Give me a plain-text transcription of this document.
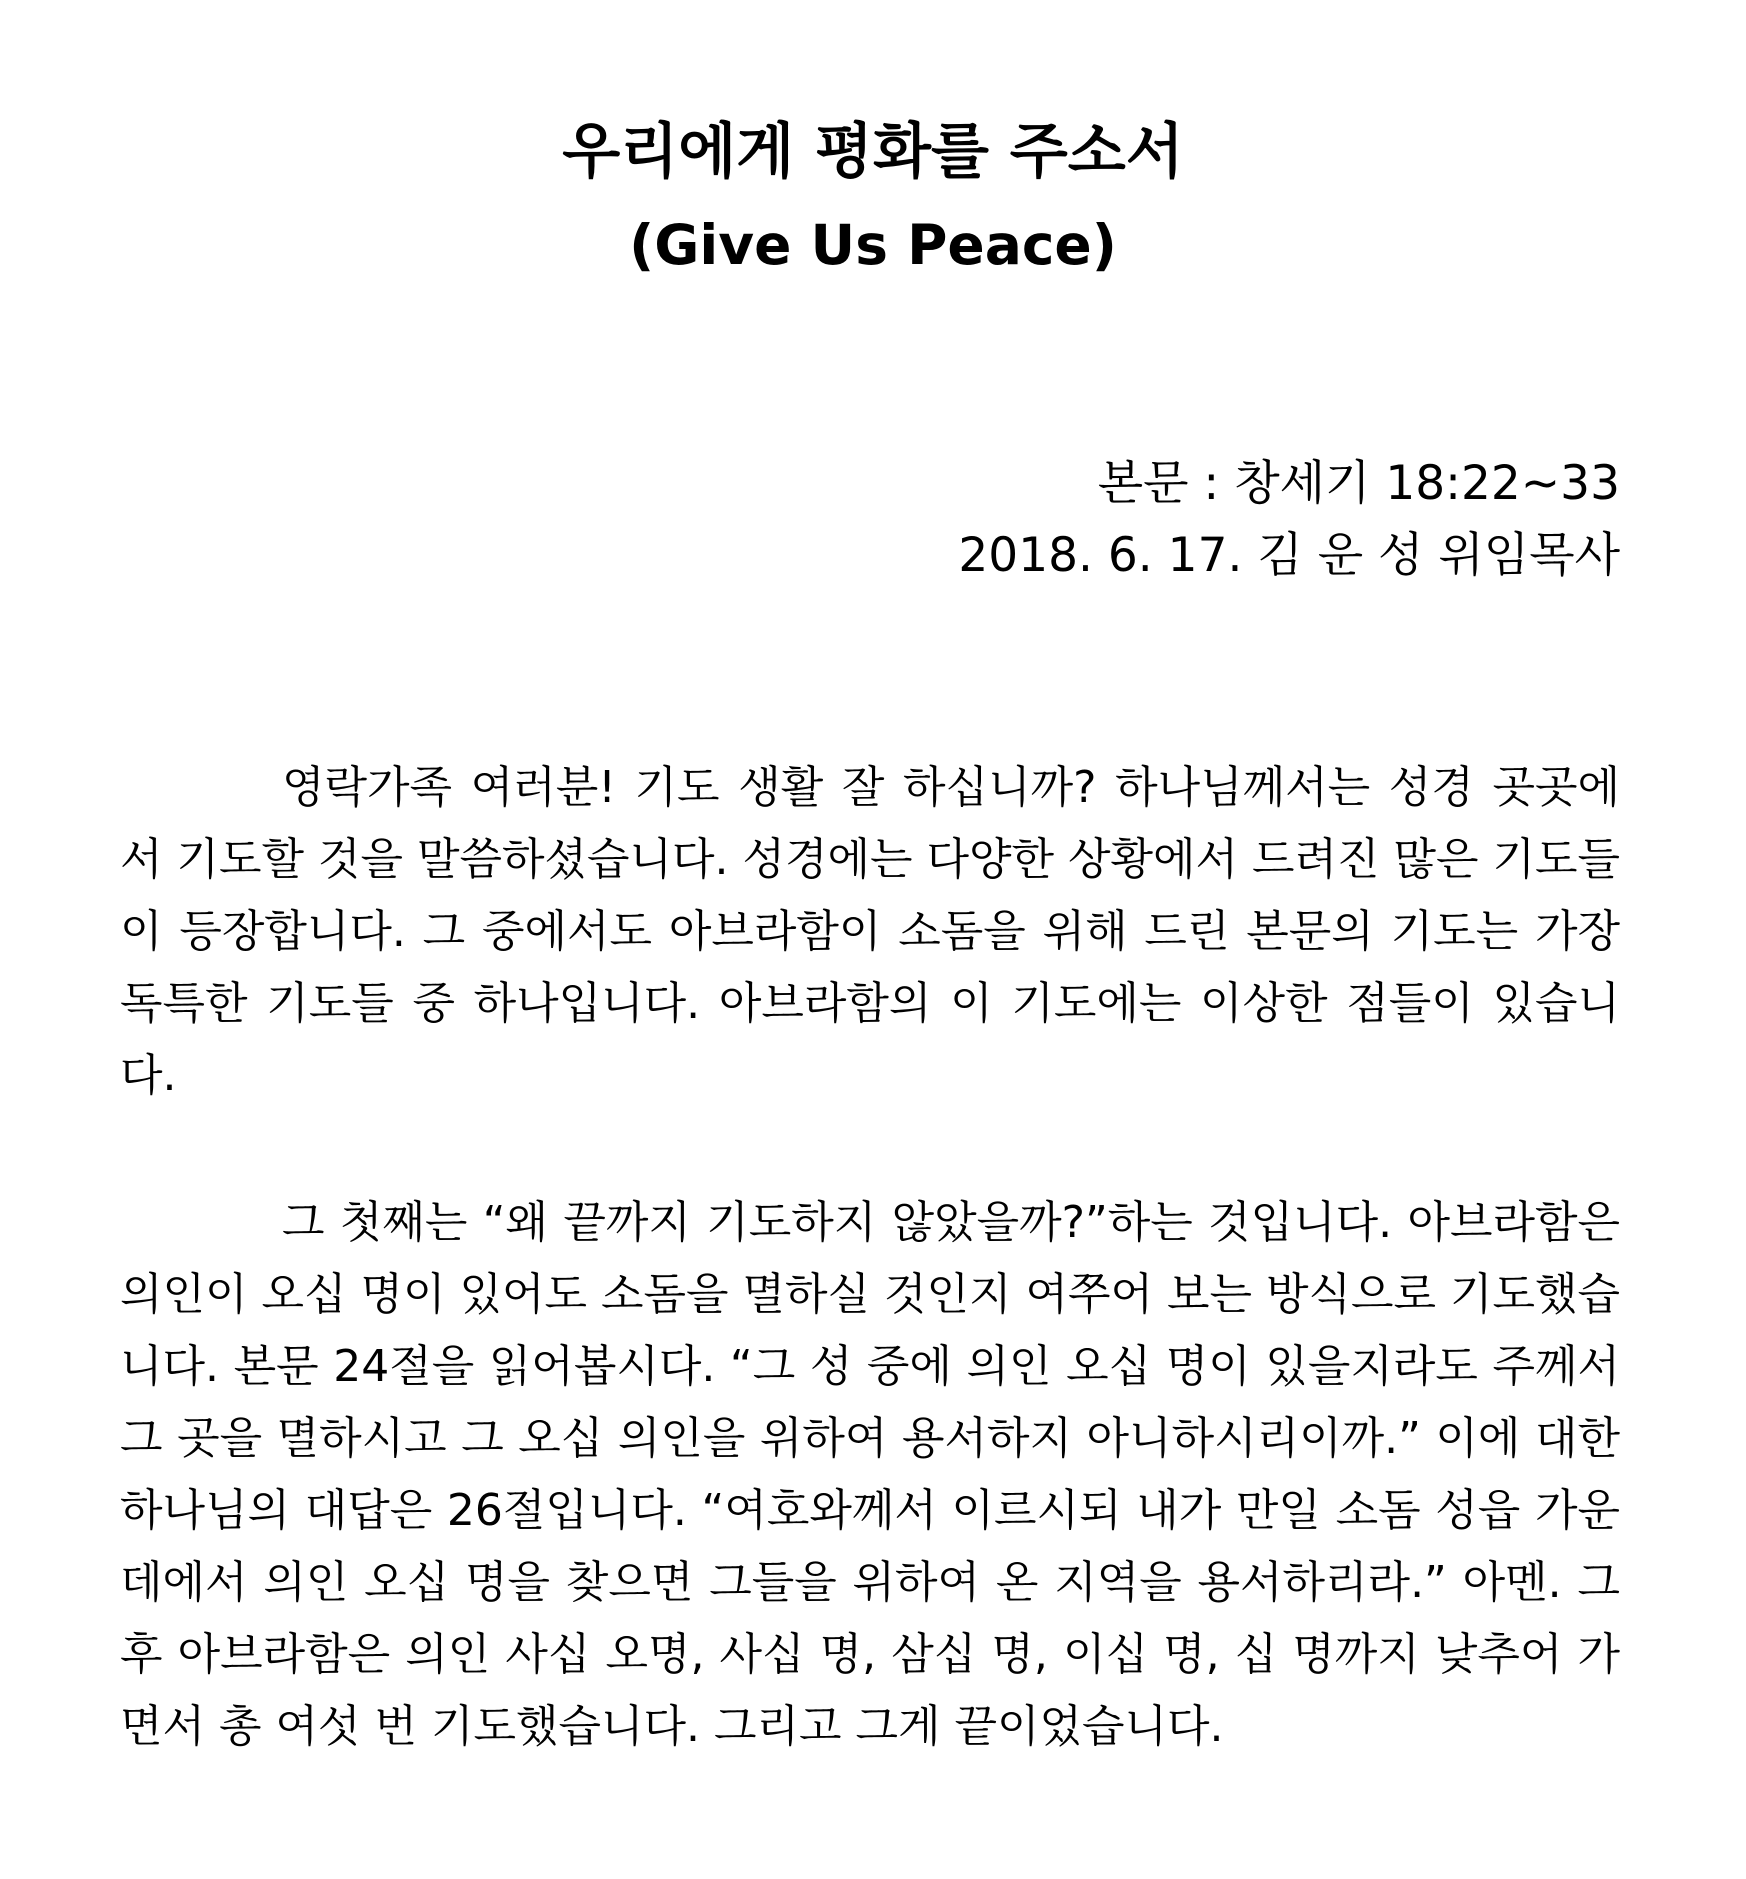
우리에게 평화를 주소서
(Give Us Peace)
본문 : 창세기 18:22~33
2018. 6. 17. 김 운 성 위임목사

영락가족 여러분! 기도 생활 잘 하십니까? 하나님께서는 성경 곳곳에서 기도할 것을 말씀하셨습니다. 성경에는 다양한 상황에서 드려진 많은 기도들이 등장합니다. 그 중에서도 아브라함이 소돔을 위해 드린 본문의 기도는 가장 독특한 기도들 중 하나입니다. 아브라함의 이 기도에는 이상한 점들이 있습니다.

그 첫째는 “왜 끝까지 기도하지 않았을까?”하는 것입니다. 아브라함은 의인이 오십 명이 있어도 소돔을 멸하실 것인지 여쭈어 보는 방식으로 기도했습니다. 본문 24절을 읽어봅시다. “그 성 중에 의인 오십 명이 있을지라도 주께서 그 곳을 멸하시고 그 오십 의인을 위하여 용서하지 아니하시리이까.” 이에 대한 하나님의 대답은 26절입니다. “여호와께서 이르시되 내가 만일 소돔 성읍 가운데에서 의인 오십 명을 찾으면 그들을 위하여 온 지역을 용서하리라.” 아멘. 그 후 아브라함은 의인 사십 오명, 사십 명, 삼십 명, 이십 명, 십 명까지 낮추어 가면서 총 여섯 번 기도했습니다. 그리고 그게 끝이었습니다.
